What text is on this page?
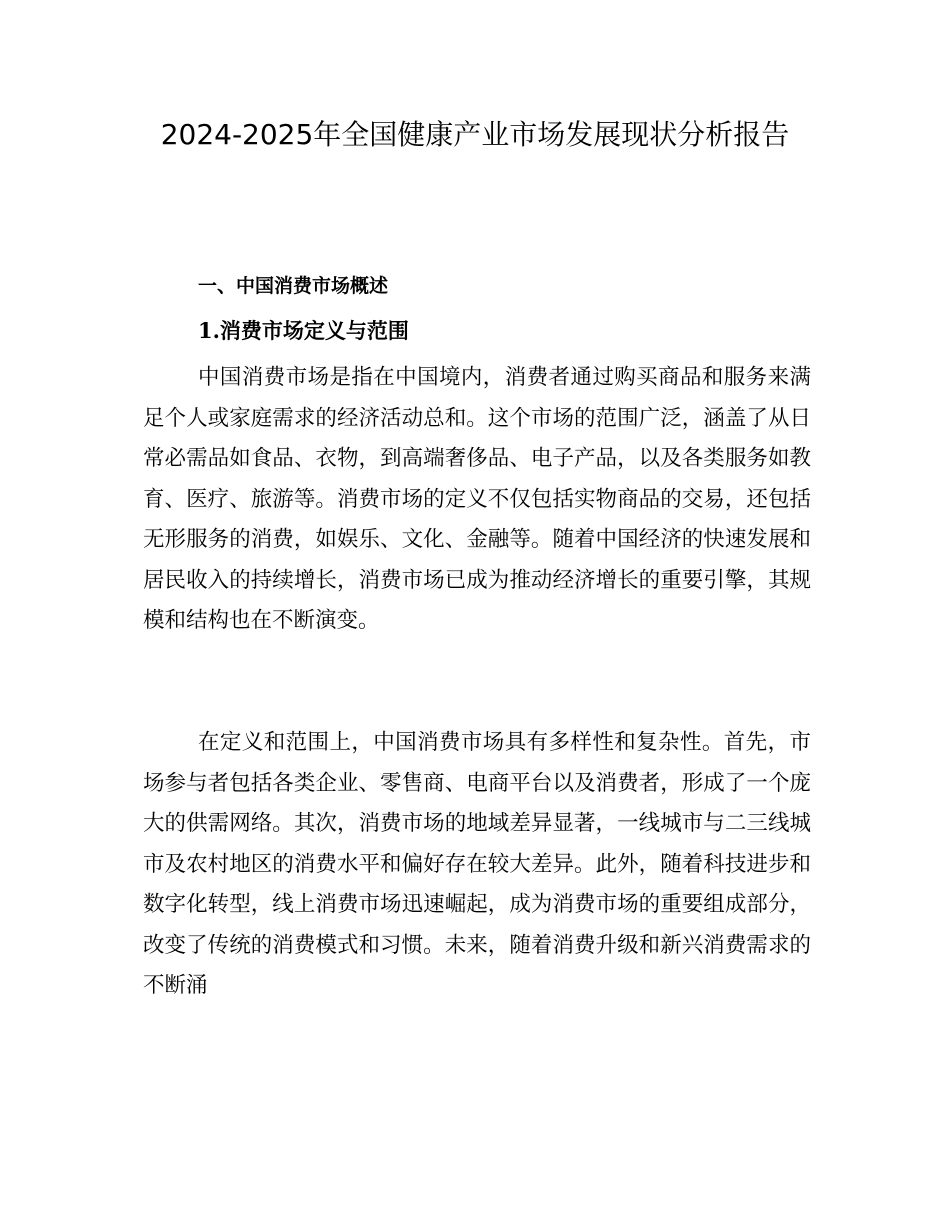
2024-2025年全国健康产业市场发展现状分析报告
一、中国消费市场概述
1.消费市场定义与范围

中国消费市场是指在中国境内，消费者通过购买商品和服务来满足个人或家庭需求的经济活动总和。这个市场的范围广泛，涵盖了从日常必需品如食品、衣物，到高端奢侈品、电子产品，以及各类服务如教育、医疗、旅游等。消费市场的定义不仅包括实物商品的交易，还包括无形服务的消费，如娱乐、文化、金融等。随着中国经济的快速发展和居民收入的持续增长，消费市场已成为推动经济增长的重要引擎，其规模和结构也在不断演变。

在定义和范围上，中国消费市场具有多样性和复杂性。首先，市场参与者包括各类企业、零售商、电商平台以及消费者，形成了一个庞大的供需网络。其次，消费市场的地域差异显著，一线城市与二三线城市及农村地区的消费水平和偏好存在较大差异。此外，随着科技进步和数字化转型，线上消费市场迅速崛起，成为消费市场的重要组成部分，改变了传统的消费模式和习惯。未来，随着消费升级和新兴消费需求的不断涌
